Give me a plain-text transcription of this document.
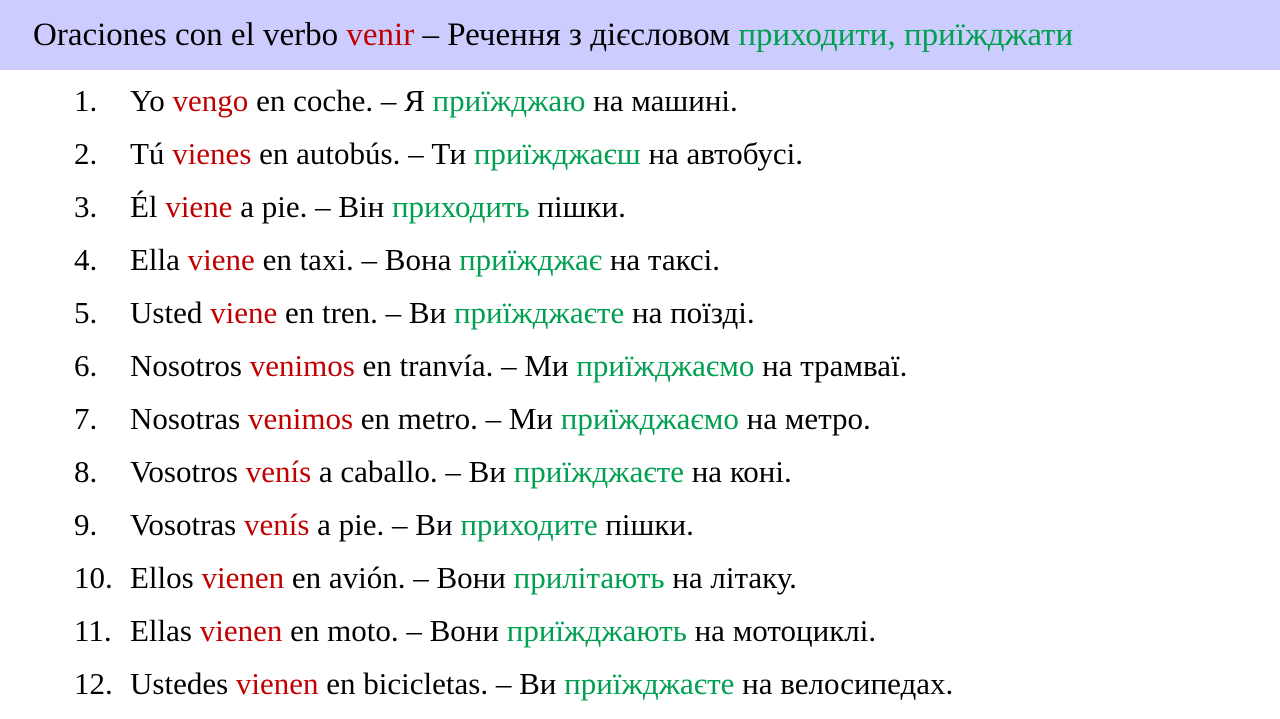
Oraciones con el verbo venir – Речення з дієсловом приходити, приїжджати
1. Yo vengo en coche. – Я приїжджаю на машині.
2. Tú vienes en autobús. – Ти приїжджаєш на автобусі.
3. Él viene a pie. – Він приходить пішки.
4. Ella viene en taxi. – Вона приїжджає на таксі.
5. Usted viene en tren. – Ви приїжджаєте на поїзді.
6. Nosotros venimos en tranvía. – Ми приїжджаємо на трамваї.
7. Nosotras venimos en metro. – Ми приїжджаємо на метро.
8. Vosotros venís a caballo. – Ви приїжджаєте на коні.
9. Vosotras venís a pie. – Ви приходите пішки.
10. Ellos vienen en avión. – Вони прилітають на літаку.
11. Ellas vienen en moto. – Вони приїжджають на мотоциклі.
12. Ustedes vienen en bicicletas. – Ви приїжджаєте на велосипедах.
